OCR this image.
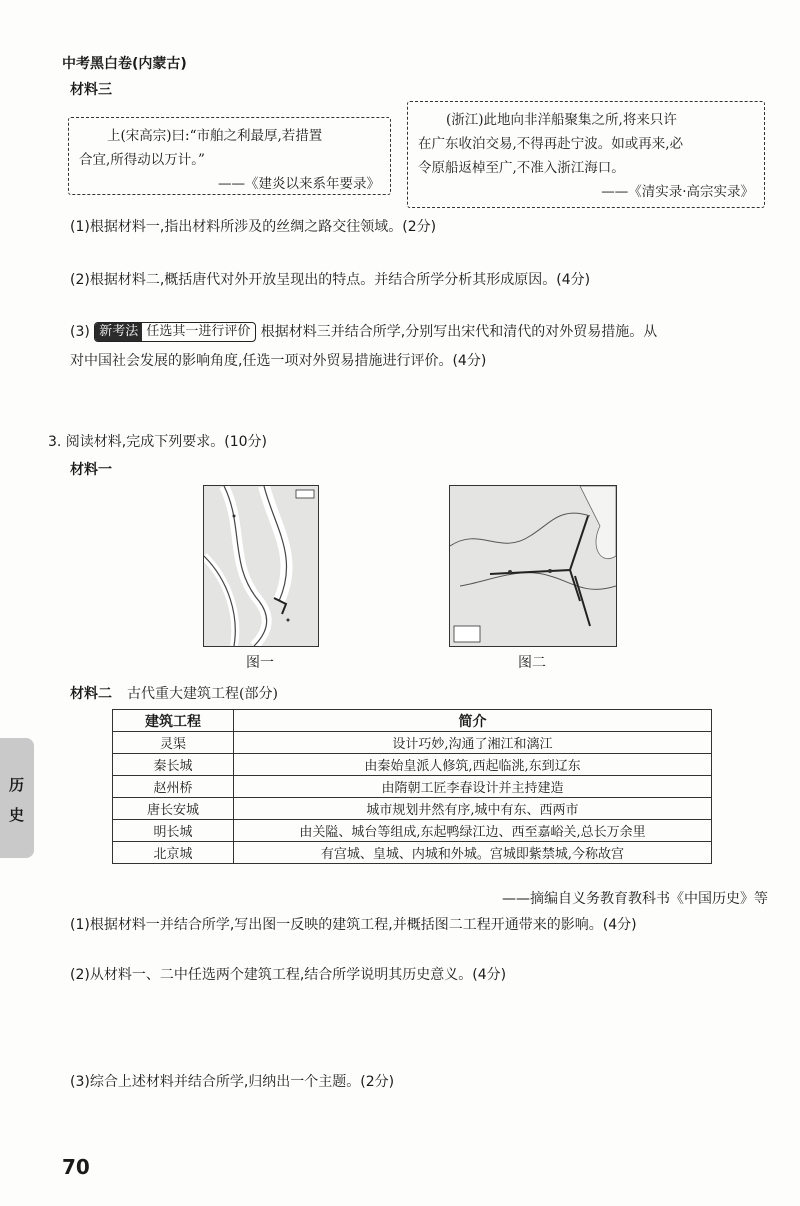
中考黑白卷(内蒙古)
材料三
上(宋高宗)曰:“市舶之利最厚,若措置
合宜,所得动以万计。”
——《建炎以来系年要录》
(浙江)此地向非洋船聚集之所,将来只许
在广东收泊交易,不得再赴宁波。如或再来,必
令原船返棹至广,不准入浙江海口。
——《清实录·高宗实录》
(1)根据材料一,指出材料所涉及的丝绸之路交往领域。(2分)
(2)根据材料二,概括唐代对外开放呈现出的特点。并结合所学分析其形成原因。(4分)
(3) 新考法 任选其一进行评价 根据材料三并结合所学,分别写出宋代和清代的对外贸易措施。从
对中国社会发展的影响角度,任选一项对外贸易措施进行评价。(4分)
3. 阅读材料,完成下列要求。(10分)
材料一
图一	图二
材料二 古代重大建筑工程(部分)
建筑工程	简介
灵渠	设计巧妙,沟通了湘江和漓江
秦长城	由秦始皇派人修筑,西起临洮,东到辽东
赵州桥	由隋朝工匠李春设计并主持建造
唐长安城	城市规划井然有序,城中有东、西两市
明长城	由关隘、城台等组成,东起鸭绿江边、西至嘉峪关,总长万余里
北京城	有宫城、皇城、内城和外城。宫城即紫禁城,今称故宫
——摘编自义务教育教科书《中国历史》等
(1)根据材料一并结合所学,写出图一反映的建筑工程,并概括图二工程开通带来的影响。(4分)
(2)从材料一、二中任选两个建筑工程,结合所学说明其历史意义。(4分)
(3)综合上述材料并结合所学,归纳出一个主题。(2分)
历
史
70
